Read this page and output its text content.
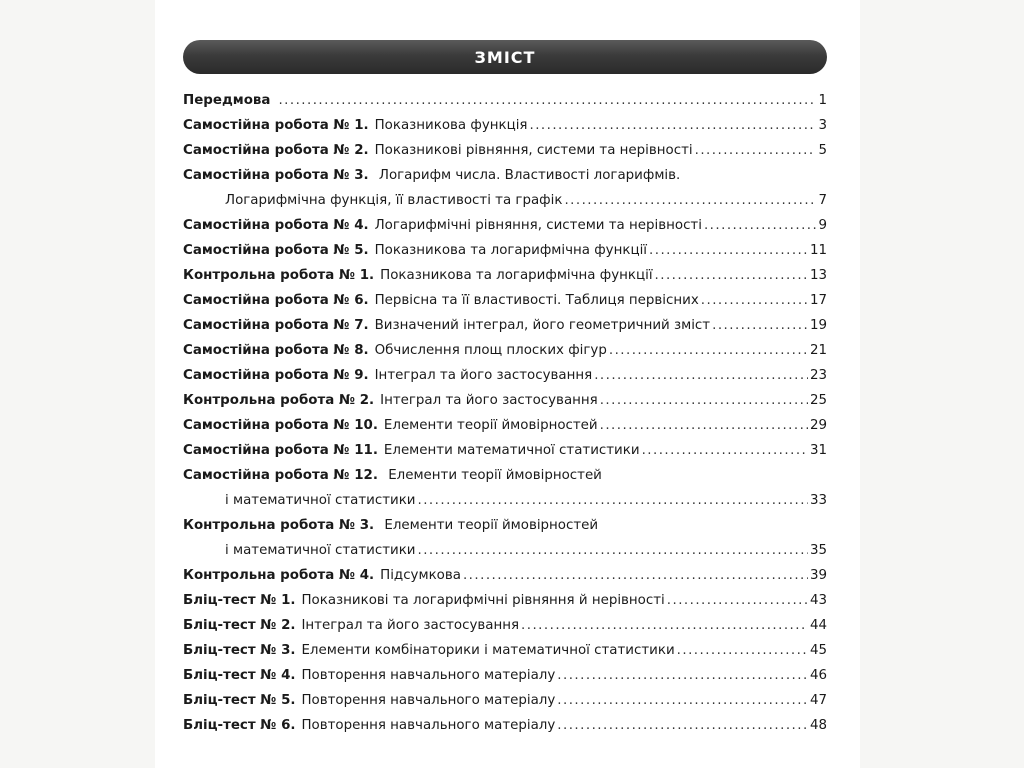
ЗМІСТ
Передмова . . .	1
Самостійна робота № 1. Показникова функція . . .	3
Самостійна робота № 2. Показникові рівняння, системи та нерівності . . .	5
Самостійна робота № 3. Логарифм числа. Властивості логарифмів.
Логарифмічна функція, її властивості та графік . . .	7
Самостійна робота № 4. Логарифмічні рівняння, системи та нерівності . . .	9
Самостійна робота № 5. Показникова та логарифмічна функції . . .	11
Контрольна робота № 1. Показникова та логарифмічна функції . . .	13
Самостійна робота № 6. Первісна та її властивості. Таблиця первісних . . .	17
Самостійна робота № 7. Визначений інтеграл, його геометричний зміст . . .	19
Самостійна робота № 8. Обчислення площ плоских фігур . . .	21
Самостійна робота № 9. Інтеграл та його застосування . . .	23
Контрольна робота № 2. Інтеграл та його застосування . . .	25
Самостійна робота № 10. Елементи теорії ймовірностей . . .	29
Самостійна робота № 11. Елементи математичної статистики . . .	31
Самостійна робота № 12. Елементи теорії ймовірностей
і математичної статистики . . .	33
Контрольна робота № 3. Елементи теорії ймовірностей
і математичної статистики . . .	35
Контрольна робота № 4. Підсумкова . . .	39
Бліц-тест № 1. Показникові та логарифмічні рівняння й нерівності . . .	43
Бліц-тест № 2. Інтеграл та його застосування . . .	44
Бліц-тест № 3. Елементи комбінаторики і математичної статистики . . .	45
Бліц-тест № 4. Повторення навчального матеріалу . . .	46
Бліц-тест № 5. Повторення навчального матеріалу . . .	47
Бліц-тест № 6. Повторення навчального матеріалу . . .	48
